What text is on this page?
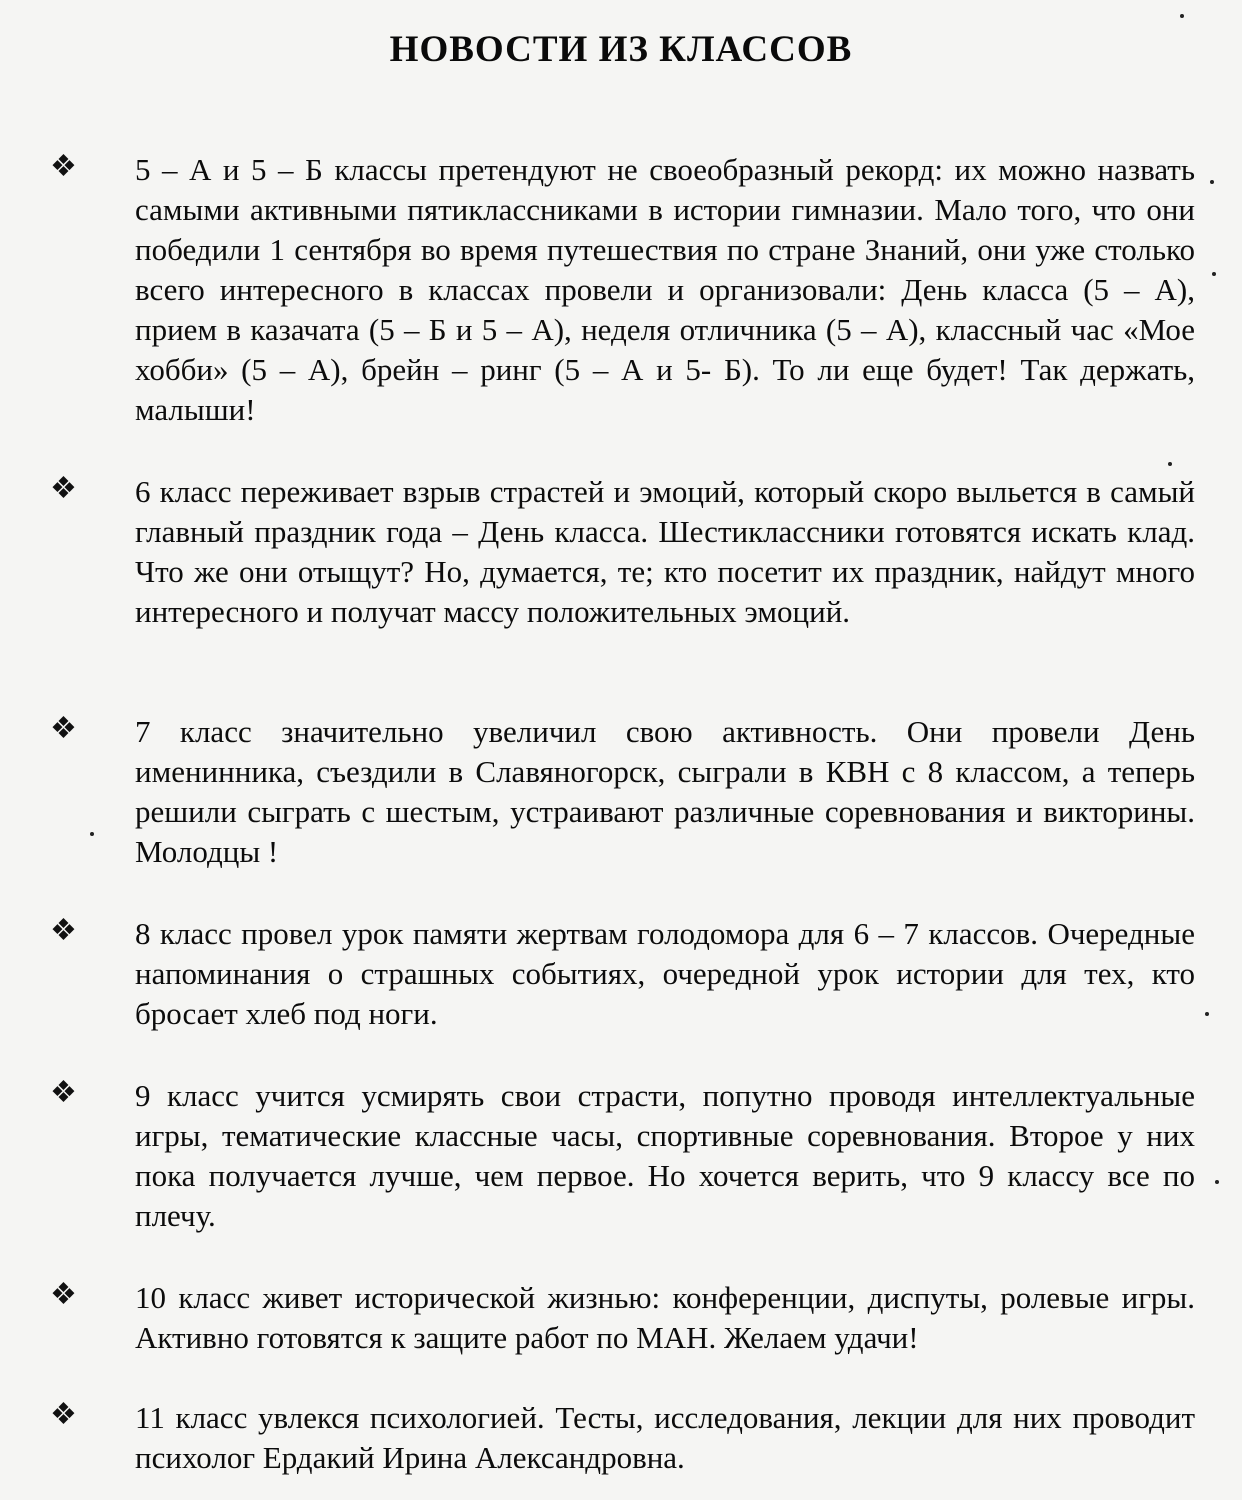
НОВОСТИ ИЗ КЛАССОВ
❖ 5 – А и 5 – Б классы претендуют не своеобразный рекорд: их можно назвать самыми активными пятиклассниками в истории гимназии. Мало того, что они победили 1 сентября во время путешествия по стране Знаний, они уже столько всего интересного в классах провели и организовали: День класса (5 – А), прием в казачата (5 – Б и 5 – А), неделя отличника (5 – А), классный час «Мое хобби» (5 – А), брейн – ринг (5 – А и 5- Б). То ли еще будет! Так держать, малыши!
❖ 6 класс переживает взрыв страстей и эмоций, который скоро выльется в самый главный праздник года – День класса. Шестиклассники готовятся искать клад. Что же они отыщут? Но, думается, те; кто посетит их праздник, найдут много интересного и получат массу положительных эмоций.
❖ 7 класс значительно увеличил свою активность. Они провели День именинника, съездили в Славяногорск, сыграли в КВН с 8 классом, а теперь решили сыграть с шестым, устраивают различные соревнования и викторины. Молодцы !
❖ 8 класс провел урок памяти жертвам голодомора для 6 – 7 классов. Очередные напоминания о страшных событиях, очередной урок истории для тех, кто бросает хлеб под ноги.
❖ 9 класс учится усмирять свои страсти, попутно проводя интеллектуальные игры, тематические классные часы, спортивные соревнования. Второе у них пока получается лучше, чем первое. Но хочется верить, что 9 классу все по плечу.
❖ 10 класс живет исторической жизнью: конференции, диспуты, ролевые игры. Активно готовятся к защите работ по МАН. Желаем удачи!
❖ 11 класс увлекся психологией. Тесты, исследования, лекции для них проводит психолог Ердакий Ирина Александровна.
